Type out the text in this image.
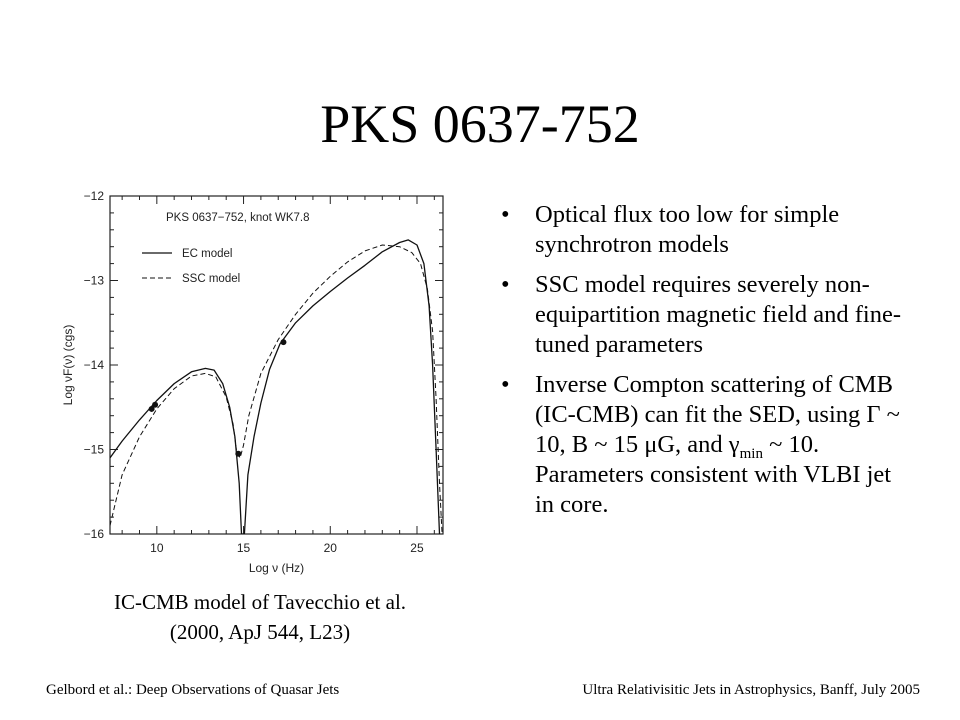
PKS 0637-752
10	15	20	25
−12
−13
−14
−15
−16
Log ν (Hz)
Log νF(ν) (cgs)
PKS 0637−752, knot WK7.8
EC model
SSC model
IC-CMB model of Tavecchio et al.
(2000, ApJ 544, L23)
• Optical flux too low for simple synchrotron models
• SSC model requires severely non-equipartition magnetic field and fine-tuned parameters
• Inverse Compton scattering of CMB (IC-CMB) can fit the SED, using Γ ~ 10, B ~ 15 μG, and $\gamma_{min}$ ~ 10. Parameters consistent with VLBI jet in core.
Gelbord et al.: Deep Observations of Quasar Jets	Ultra Relativisitic Jets in Astrophysics, Banff, July 2005
